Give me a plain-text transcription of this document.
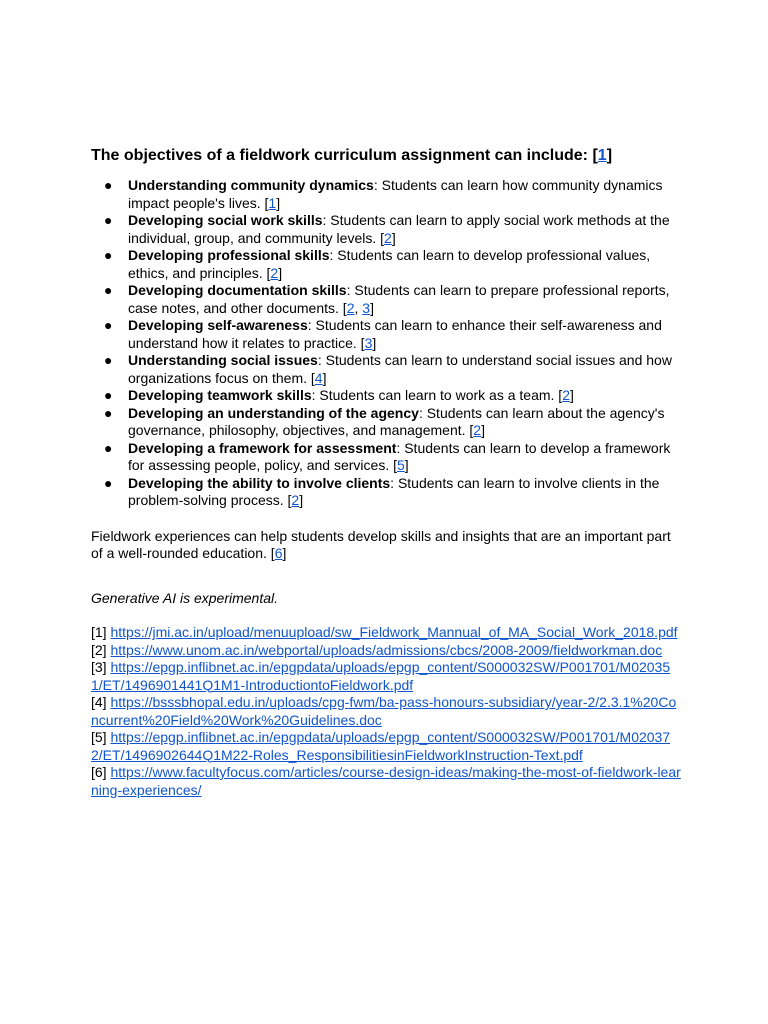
The objectives of a fieldwork curriculum assignment can include: [1]
● Understanding community dynamics: Students can learn how community dynamics impact people's lives. [1]
● Developing social work skills: Students can learn to apply social work methods at the individual, group, and community levels. [2]
● Developing professional skills: Students can learn to develop professional values, ethics, and principles. [2]
● Developing documentation skills: Students can learn to prepare professional reports, case notes, and other documents. [2, 3]
● Developing self-awareness: Students can learn to enhance their self-awareness and understand how it relates to practice. [3]
● Understanding social issues: Students can learn to understand social issues and how organizations focus on them. [4]
● Developing teamwork skills: Students can learn to work as a team. [2]
● Developing an understanding of the agency: Students can learn about the agency's governance, philosophy, objectives, and management. [2]
● Developing a framework for assessment: Students can learn to develop a framework for assessing people, policy, and services. [5]
● Developing the ability to involve clients: Students can learn to involve clients in the problem-solving process. [2]
Fieldwork experiences can help students develop skills and insights that are an important part of a well-rounded education. [6]
Generative AI is experimental.
[1] https://jmi.ac.in/upload/menuupload/sw_Fieldwork_Mannual_of_MA_Social_Work_2018.pdf
[2] https://www.unom.ac.in/webportal/uploads/admissions/cbcs/2008-2009/fieldworkman.doc
[3] https://epgp.inflibnet.ac.in/epgpdata/uploads/epgp_content/S000032SW/P001701/M020351/ET/1496901441Q1M1-IntroductiontoFieldwork.pdf
[4] https://bsssbhopal.edu.in/uploads/cpg-fwm/ba-pass-honours-subsidiary/year-2/2.3.1%20Concurrent%20Field%20Work%20Guidelines.doc
[5] https://epgp.inflibnet.ac.in/epgpdata/uploads/epgp_content/S000032SW/P001701/M020372/ET/1496902644Q1M22-Roles_ResponsibilitiesinFieldworkInstruction-Text.pdf
[6] https://www.facultyfocus.com/articles/course-design-ideas/making-the-most-of-fieldwork-learning-experiences/
